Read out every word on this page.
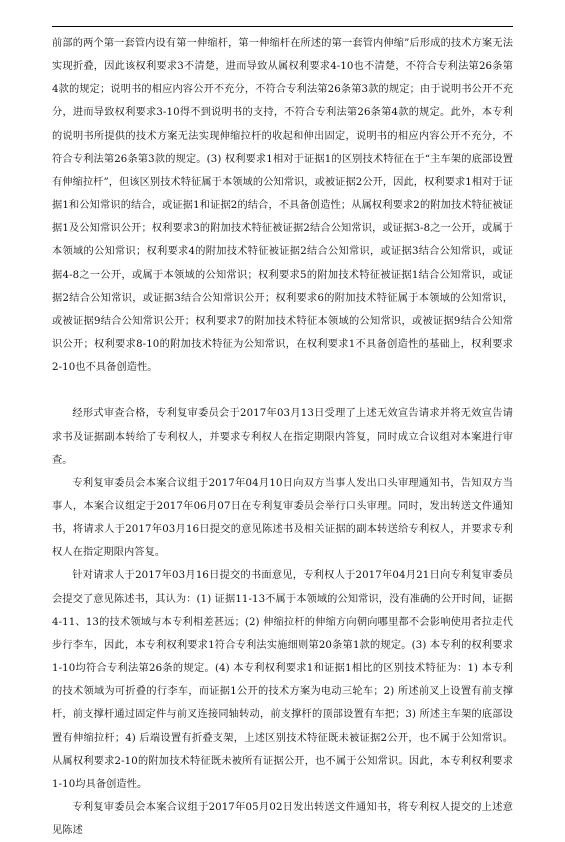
前部的两个第一套管内设有第一伸缩杆，第一伸缩杆在所述的第一套管内伸缩”后形成的技术方案无法实现折叠，因此该权利要求3不清楚，进而导致从属权利要求4-10也不清楚，不符合专利法第26条第4款的规定；说明书的相应内容公开不充分，不符合专利法第26条第3款的规定；由于说明书公开不充分，进而导致权利要求3-10得不到说明书的支持，不符合专利法第26条第4款的规定。此外，本专利的说明书所提供的技术方案无法实现伸缩拉杆的收起和伸出固定，说明书的相应内容公开不充分，不符合专利法第26条第3款的规定。(3) 权利要求1相对于证据1的区别技术特征在于“主车架的底部设置有伸缩拉杆”，但该区别技术特征属于本领域的公知常识，或被证据2公开，因此，权利要求1相对于证据1和公知常识的结合，或证据1和证据2的结合，不具备创造性；从属权利要求2的附加技术特征被证据1及公知常识公开；权利要求3的附加技术特征被证据2结合公知常识，或证据3-8之一公开，或属于本领域的公知常识；权利要求4的附加技术特征被证据2结合公知常识，或证据3结合公知常识，或证据4-8之一公开，或属于本领域的公知常识；权利要求5的附加技术特征被证据1结合公知常识，或证据2结合公知常识，或证据3结合公知常识公开；权利要求6的附加技术特征属于本领域的公知常识，或被证据9结合公知常识公开；权利要求7的附加技术特征本领域的公知常识，或被证据9结合公知常识公开；权利要求8-10的附加技术特征为公知常识，在权利要求1不具备创造性的基础上，权利要求2-10也不具备创造性。

经形式审查合格，专利复审委员会于2017年03月13日受理了上述无效宣告请求并将无效宣告请求书及证据副本转给了专利权人，并要求专利权人在指定期限内答复，同时成立合议组对本案进行审查。

专利复审委员会本案合议组于2017年04月10日向双方当事人发出口头审理通知书，告知双方当事人，本案合议组定于2017年06月07日在专利复审委员会举行口头审理。同时，发出转送文件通知书，将请求人于2017年03月16日提交的意见陈述书及相关证据的副本转送给专利权人，并要求专利权人在指定期限内答复。

针对请求人于2017年03月16日提交的书面意见，专利权人于2017年04月21日向专利复审委员会提交了意见陈述书，其认为：(1) 证据11-13不属于本领域的公知常识，没有准确的公开时间，证据4-11、13的技术领域与本专利相差甚远；(2) 伸缩拉杆的伸缩方向朝向哪里都不会影响使用者拉走代步行李车，因此，本专利权利要求1符合专利法实施细则第20条第1款的规定。(3) 本专利的权利要求1-10均符合专利法第26条的规定。(4) 本专利权利要求1和证据1相比的区别技术特征为：1) 本专利的技术领域为可折叠的行李车，而证据1公开的技术方案为电动三轮车；2) 所述前叉上设置有前支撑杆，前支撑杆通过固定件与前叉连接同轴转动，前支撑杆的顶部设置有车把；3) 所述主车架的底部设置有伸缩拉杆；4) 后端设置有折叠支架，上述区别技术特征既未被证据2公开，也不属于公知常识。从属权利要求2-10的附加技术特征既未被所有证据公开，也不属于公知常识。因此，本专利权利要求1-10均具备创造性。

专利复审委员会本案合议组于2017年05月02日发出转送文件通知书，将专利权人提交的上述意见陈述
